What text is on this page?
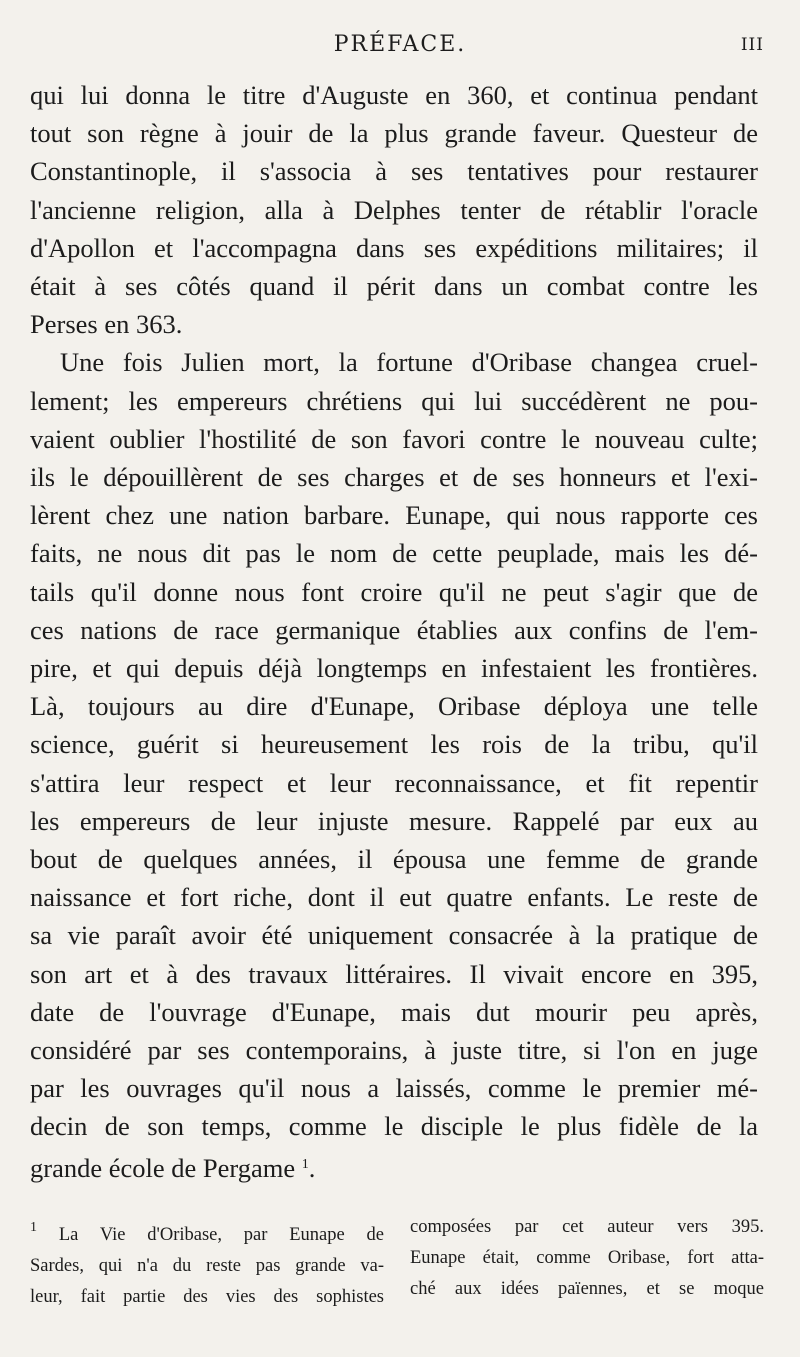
PRÉFACE.	III
qui lui donna le titre d'Auguste en 360, et continua pendant
tout son règne à jouir de la plus grande faveur. Questeur de
Constantinople, il s'associa à ses tentatives pour restaurer
l'ancienne religion, alla à Delphes tenter de rétablir l'oracle
d'Apollon et l'accompagna dans ses expéditions militaires; il
était à ses côtés quand il périt dans un combat contre les
Perses en 363.
Une fois Julien mort, la fortune d'Oribase changea cruel-
lement; les empereurs chrétiens qui lui succédèrent ne pou-
vaient oublier l'hostilité de son favori contre le nouveau culte;
ils le dépouillèrent de ses charges et de ses honneurs et l'exi-
lèrent chez une nation barbare. Eunape, qui nous rapporte ces
faits, ne nous dit pas le nom de cette peuplade, mais les dé-
tails qu'il donne nous font croire qu'il ne peut s'agir que de
ces nations de race germanique établies aux confins de l'em-
pire, et qui depuis déjà longtemps en infestaient les frontières.
Là, toujours au dire d'Eunape, Oribase déploya une telle
science, guérit si heureusement les rois de la tribu, qu'il
s'attira leur respect et leur reconnaissance, et fit repentir
les empereurs de leur injuste mesure. Rappelé par eux au
bout de quelques années, il épousa une femme de grande
naissance et fort riche, dont il eut quatre enfants. Le reste de
sa vie paraît avoir été uniquement consacrée à la pratique de
son art et à des travaux littéraires. Il vivait encore en 395,
date de l'ouvrage d'Eunape, mais dut mourir peu après,
considéré par ses contemporains, à juste titre, si l'on en juge
par les ouvrages qu'il nous a laissés, comme le premier mé-
decin de son temps, comme le disciple le plus fidèle de la
grande école de Pergame $^1$.
$^1$ La Vie d'Oribase, par Eunape de
Sardes, qui n'a du reste pas grande va-
leur, fait partie des vies des sophistes
composées par cet auteur vers 395.
Eunape était, comme Oribase, fort atta-
ché aux idées païennes, et se moque
